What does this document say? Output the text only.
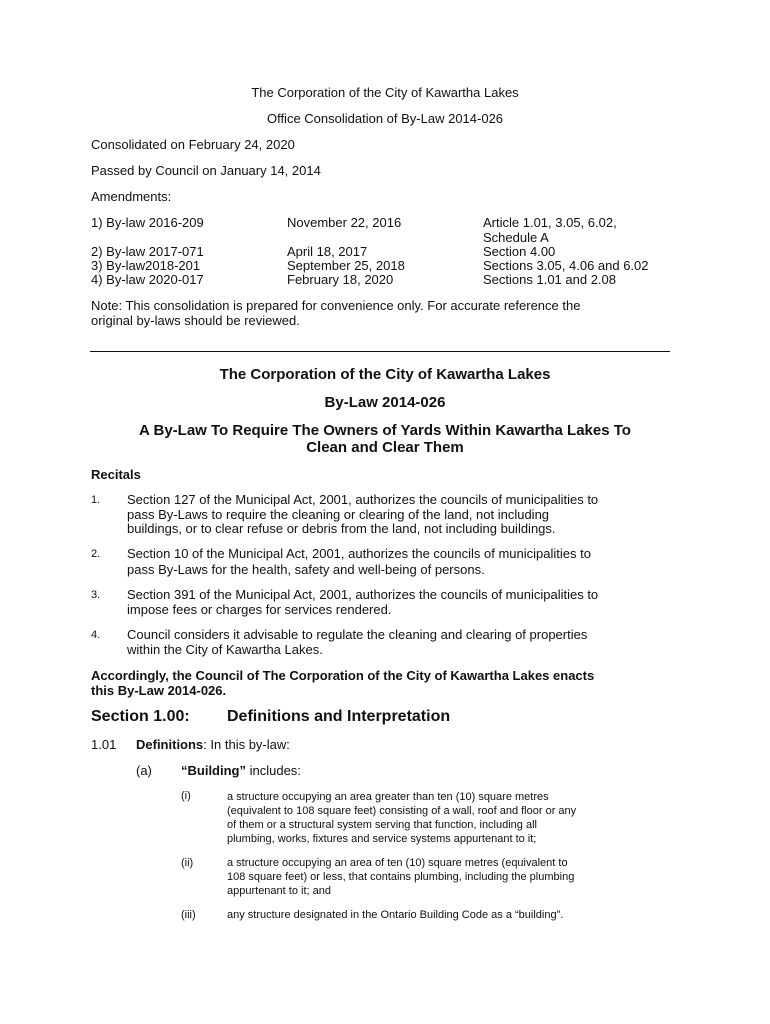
The Corporation of the City of Kawartha Lakes
Office Consolidation of By-Law 2014-026
Consolidated on February 24, 2020
Passed by Council on January 14, 2014
Amendments:
1) By-law 2016-209	November 22, 2016	Article 1.01, 3.05, 6.02,
Schedule A
2) By-law 2017-071	April 18, 2017	Section 4.00
3) By-law2018-201	September 25, 2018	Sections 3.05, 4.06 and 6.02
4) By-law 2020-017	February 18, 2020	Sections 1.01 and 2.08
Note: This consolidation is prepared for convenience only. For accurate reference the
original by-laws should be reviewed.
The Corporation of the City of Kawartha Lakes
By-Law 2014-026
A By-Law To Require The Owners of Yards Within Kawartha Lakes To
Clean and Clear Them
Recitals
1. Section 127 of the Municipal Act, 2001, authorizes the councils of municipalities to
pass By-Laws to require the cleaning or clearing of the land, not including
buildings, or to clear refuse or debris from the land, not including buildings.
2. Section 10 of the Municipal Act, 2001, authorizes the councils of municipalities to
pass By-Laws for the health, safety and well-being of persons.
3. Section 391 of the Municipal Act, 2001, authorizes the councils of municipalities to
impose fees or charges for services rendered.
4. Council considers it advisable to regulate the cleaning and clearing of properties
within the City of Kawartha Lakes.
Accordingly, the Council of The Corporation of the City of Kawartha Lakes enacts
this By-Law 2014-026.
Section 1.00: Definitions and Interpretation
1.01 Definitions: In this by-law:
(a) “Building” includes:
(i)	a structure occupying an area greater than ten (10) square metres
(equivalent to 108 square feet) consisting of a wall, roof and floor or any
of them or a structural system serving that function, including all
plumbing, works, fixtures and service systems appurtenant to it;
(ii)	a structure occupying an area of ten (10) square metres (equivalent to
108 square feet) or less, that contains plumbing, including the plumbing
appurtenant to it; and
(iii)	any structure designated in the Ontario Building Code as a “building”.
